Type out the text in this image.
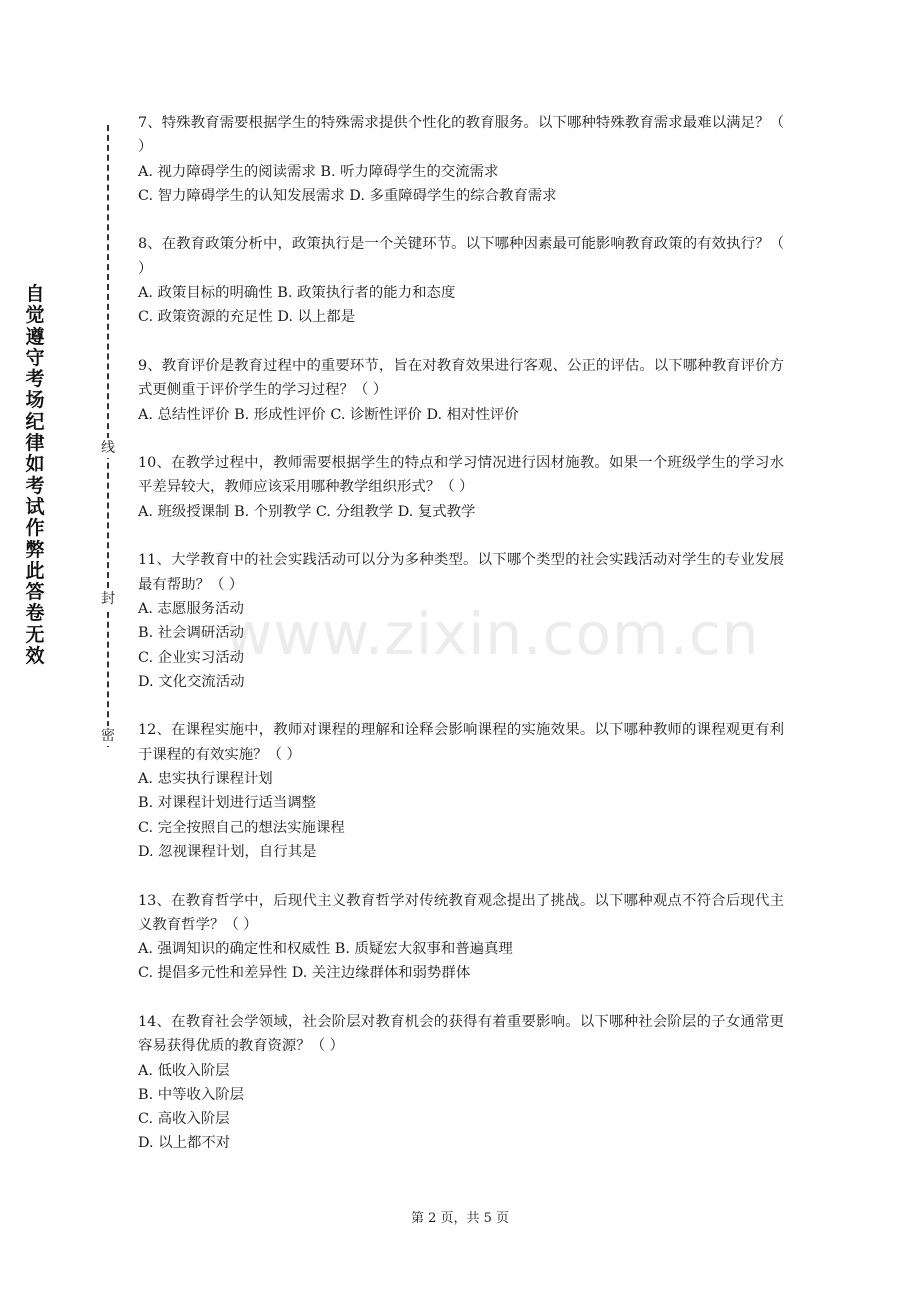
自觉遵守考场纪律如考试作弊此答卷无效
线
封
密

7、特殊教育需要根据学生的特殊需求提供个性化的教育服务。以下哪种特殊教育需求最难以满足？（ ）

A. 视力障碍学生的阅读需求 B. 听力障碍学生的交流需求

C. 智力障碍学生的认知发展需求 D. 多重障碍学生的综合教育需求

8、在教育政策分析中，政策执行是一个关键环节。以下哪种因素最可能影响教育政策的有效执行？（ ）

A. 政策目标的明确性 B. 政策执行者的能力和态度

C. 政策资源的充足性 D. 以上都是

9、教育评价是教育过程中的重要环节，旨在对教育效果进行客观、公正的评估。以下哪种教育评价方式更侧重于评价学生的学习过程？（ ）

A. 总结性评价 B. 形成性评价 C. 诊断性评价 D. 相对性评价

10、在教学过程中，教师需要根据学生的特点和学习情况进行因材施教。如果一个班级学生的学习水平差异较大，教师应该采用哪种教学组织形式？（ ）

A. 班级授课制 B. 个别教学 C. 分组教学 D. 复式教学

11、大学教育中的社会实践活动可以分为多种类型。以下哪个类型的社会实践活动对学生的专业发展最有帮助？（ ）

A. 志愿服务活动

B. 社会调研活动

C. 企业实习活动

D. 文化交流活动

12、在课程实施中，教师对课程的理解和诠释会影响课程的实施效果。以下哪种教师的课程观更有利于课程的有效实施？（ ）

A. 忠实执行课程计划

B. 对课程计划进行适当调整

C. 完全按照自己的想法实施课程

D. 忽视课程计划，自行其是

13、在教育哲学中，后现代主义教育哲学对传统教育观念提出了挑战。以下哪种观点不符合后现代主义教育哲学？（ ）

A. 强调知识的确定性和权威性 B. 质疑宏大叙事和普遍真理

C. 提倡多元性和差异性 D. 关注边缘群体和弱势群体

14、在教育社会学领域，社会阶层对教育机会的获得有着重要影响。以下哪种社会阶层的子女通常更容易获得优质的教育资源？（ ）

A. 低收入阶层

B. 中等收入阶层

C. 高收入阶层

D. 以上都不对

www.zixin.com.cn
第 2 页，共 5 页
